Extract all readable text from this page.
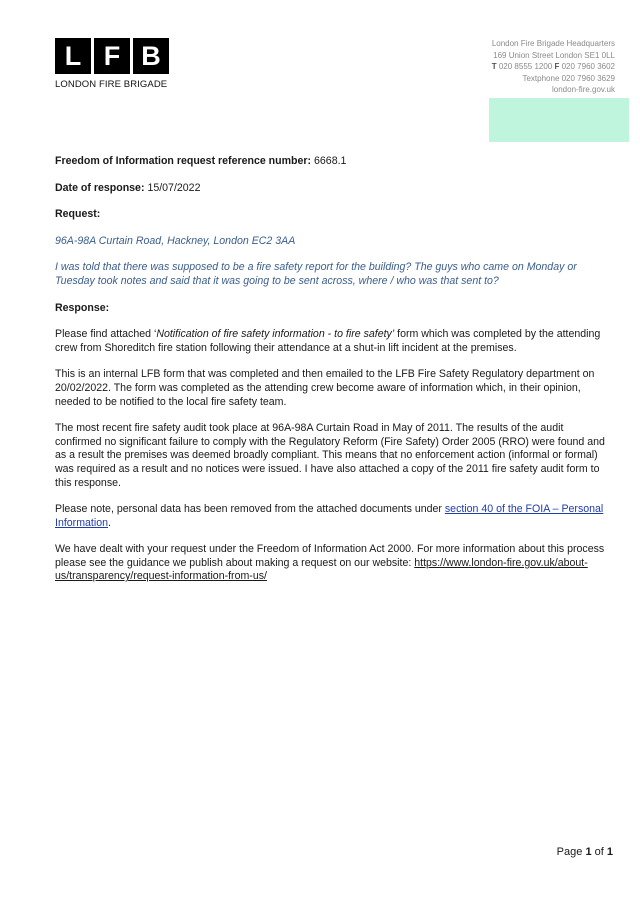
L F B
LONDON FIRE BRIGADE
London Fire Brigade Headquarters
169 Union Street London SE1 0LL
T 020 8555 1200 F 020 7960 3602
Textphone 020 7960 3629
london-fire.gov.uk

Freedom of Information request reference number: 6668.1

Date of response: 15/07/2022

Request:

96A-98A Curtain Road, Hackney, London EC2 3AA

I was told that there was supposed to be a fire safety report for the building? The guys who came on Monday or Tuesday took notes and said that it was going to be sent across, where / who was that sent to?

Response:

Please find attached ‘Notification of fire safety information - to fire safety’ form which was completed by the attending crew from Shoreditch fire station following their attendance at a shut-in lift incident at the premises.

This is an internal LFB form that was completed and then emailed to the LFB Fire Safety Regulatory department on 20/02/2022. The form was completed as the attending crew become aware of information which, in their opinion, needed to be notified to the local fire safety team.

The most recent fire safety audit took place at 96A-98A Curtain Road in May of 2011. The results of the audit confirmed no significant failure to comply with the Regulatory Reform (Fire Safety) Order 2005 (RRO) were found and as a result the premises was deemed broadly compliant. This means that no enforcement action (informal or formal) was required as a result and no notices were issued. I have also attached a copy of the 2011 fire safety audit form to this response.

Please note, personal data has been removed from the attached documents under section 40 of the FOIA – Personal Information.

We have dealt with your request under the Freedom of Information Act 2000. For more information about this process please see the guidance we publish about making a request on our website: https://www.london-fire.gov.uk/about-us/transparency/request-information-from-us/

Page 1 of 1
